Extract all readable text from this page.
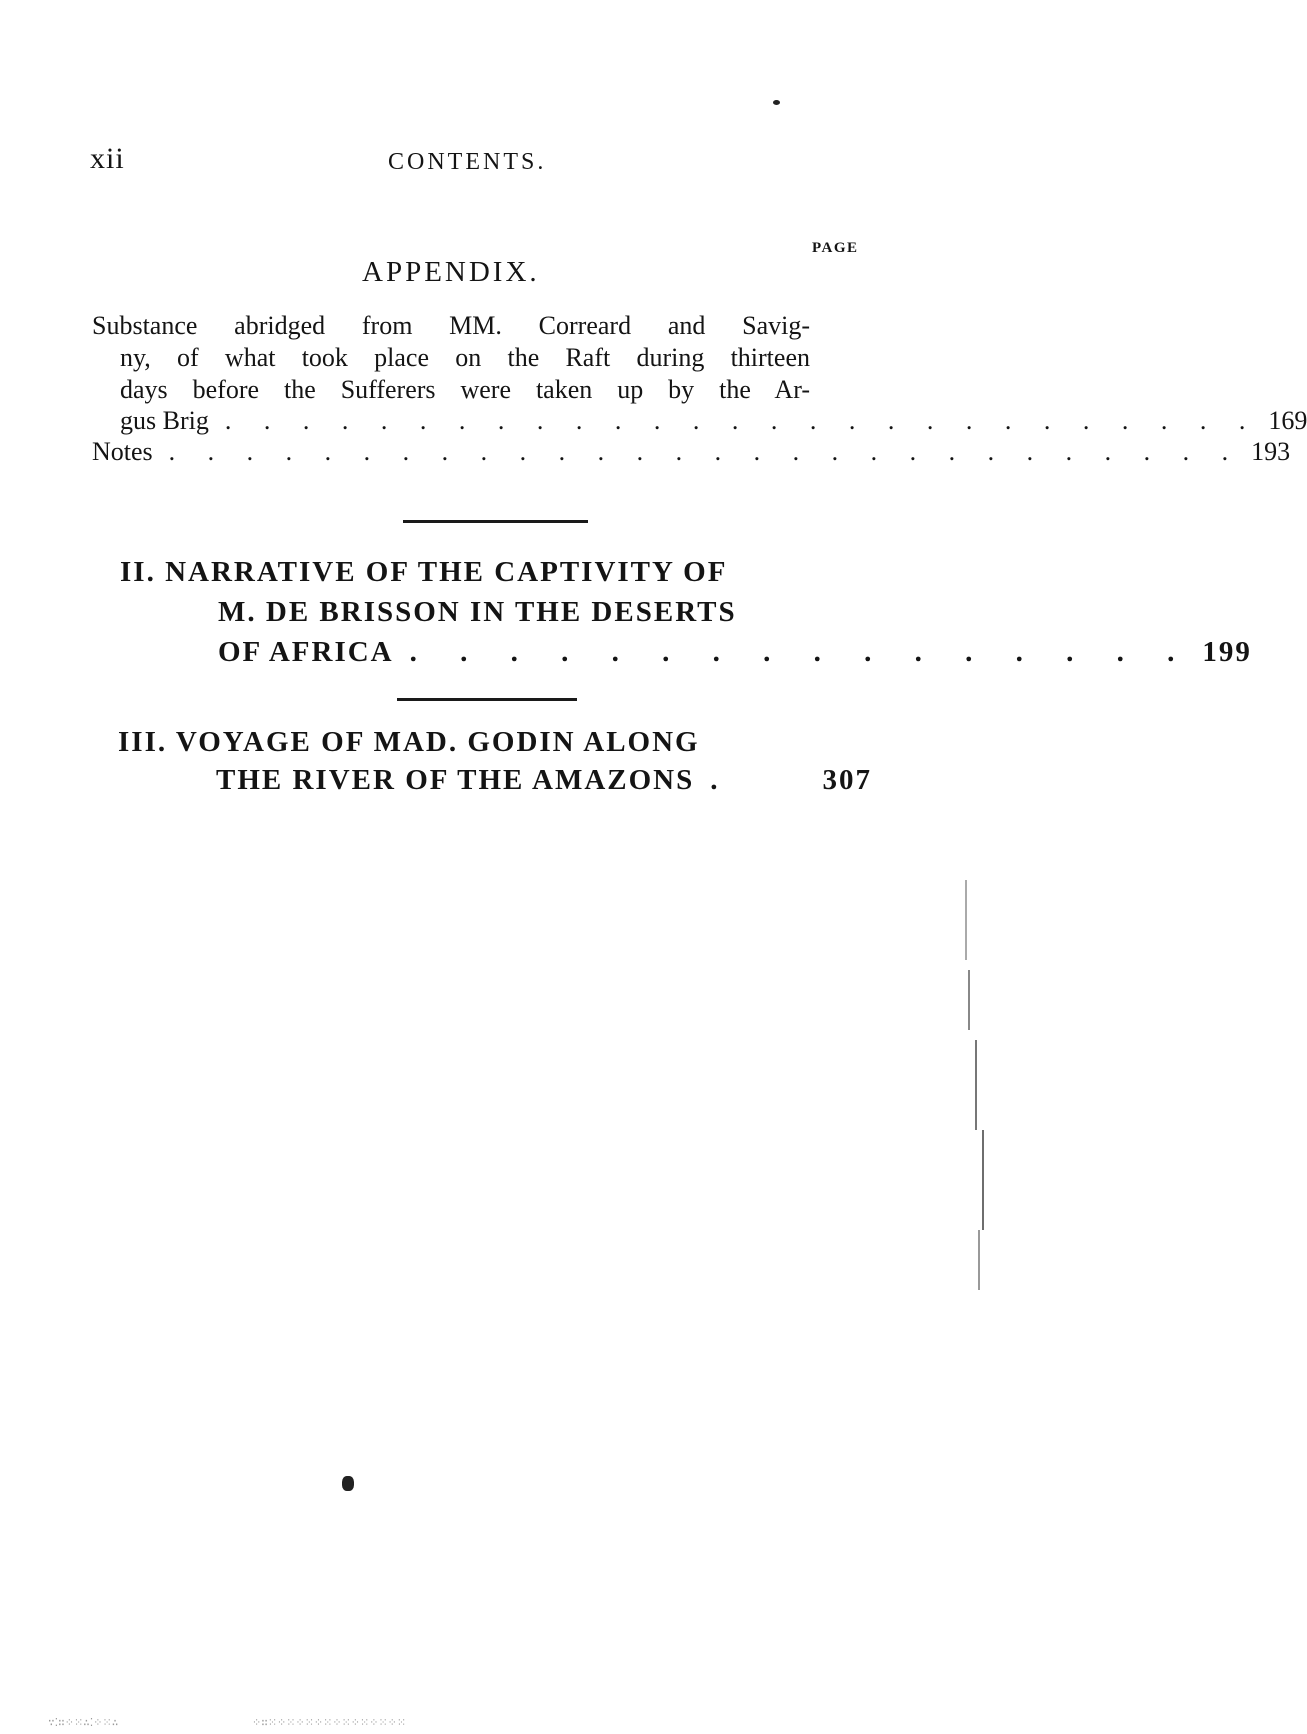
xii	CONTENTS.
PAGE
APPENDIX.
Substance abridged from MM. Correard and Savig-
ny, of what took place on the Raft during thirteen
days before the Sufferers were taken up by the Ar-
gus Brig . . . . . . . . . . . . . . . . . . . . . . . . . . . 169
Notes . . . . . . . . . . . . . . . . . . . . . . . . . . . . 193
II. NARRATIVE OF THE CAPTIVITY OF
M. DE BRISSON IN THE DESERTS
OF AFRICA . . . . . . . . . . . . . . . . 199
III. VOYAGE OF MAD. GODIN ALONG
THE RIVER OF THE AMAZONS .	307
∵⁚∷⁘⁙∴⁚⁘⁙∴	⁘∷⁙⁘⁙⁘⁙⁘⁙⁘⁙⁘⁙⁘⁙⁘⁙
